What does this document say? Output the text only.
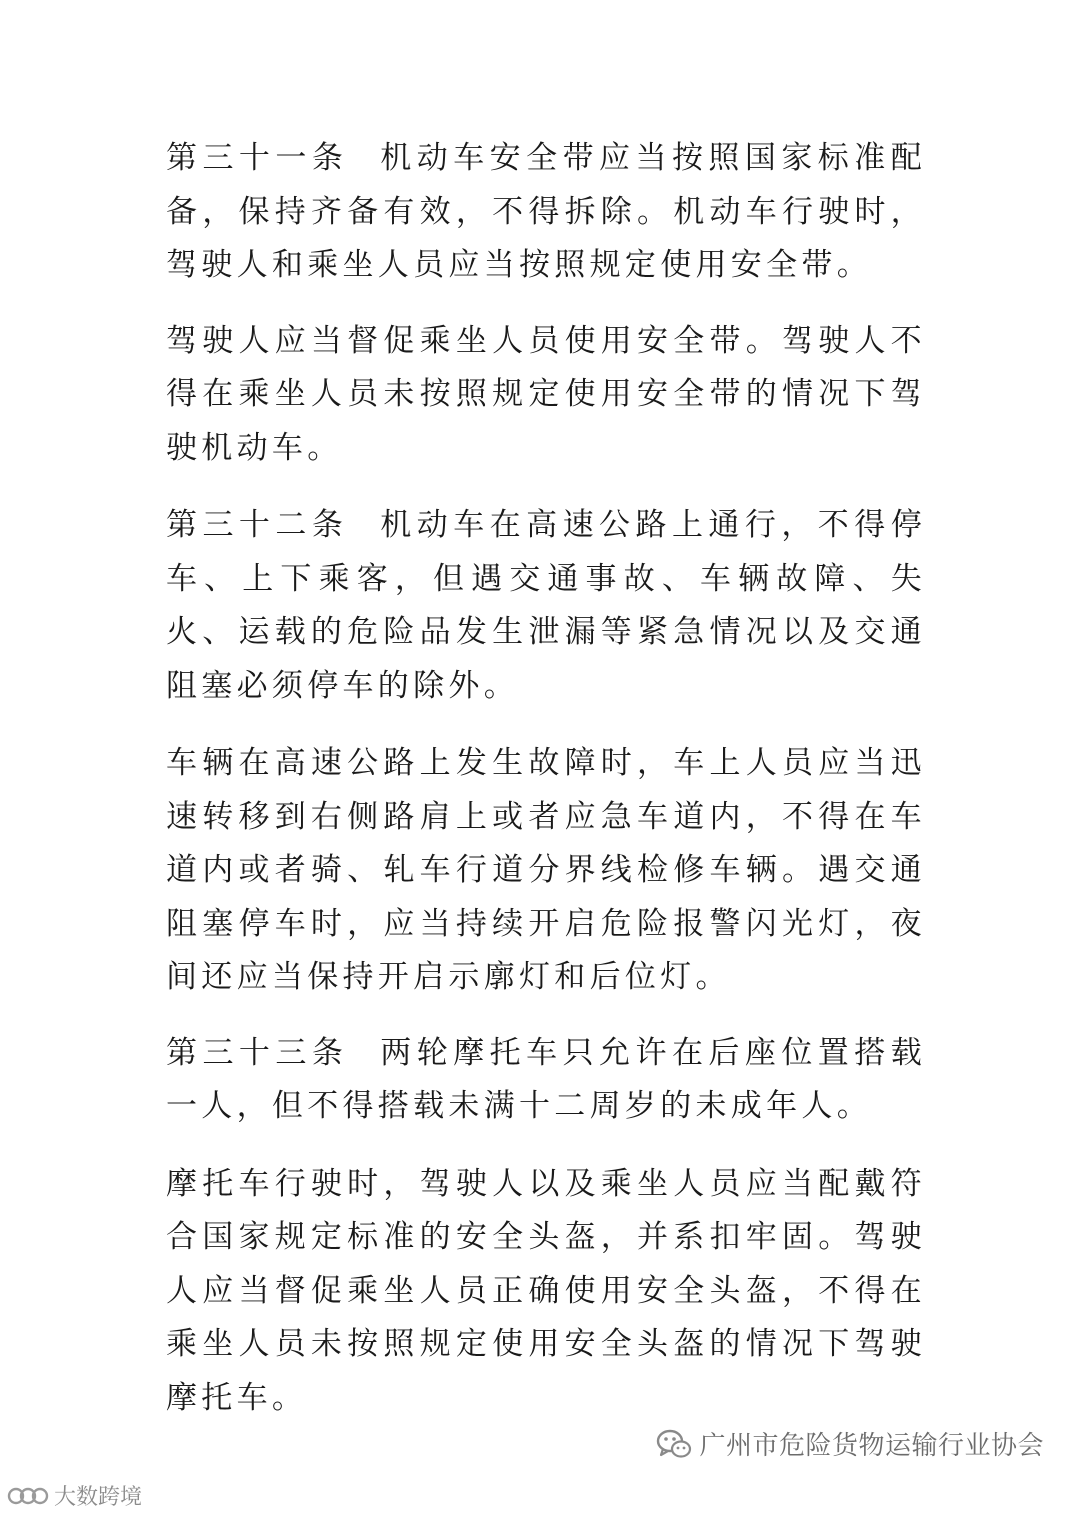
第三十一条 机动车安全带应当按照国家标准配备，保持齐备有效，不得拆除。机动车行驶时，驾驶人和乘坐人员应当按照规定使用安全带。

驾驶人应当督促乘坐人员使用安全带。驾驶人不得在乘坐人员未按照规定使用安全带的情况下驾驶机动车。

第三十二条 机动车在高速公路上通行，不得停车、上下乘客，但遇交通事故、车辆故障、失火、运载的危险品发生泄漏等紧急情况以及交通阻塞必须停车的除外。

车辆在高速公路上发生故障时，车上人员应当迅速转移到右侧路肩上或者应急车道内，不得在车道内或者骑、轧车行道分界线检修车辆。遇交通阻塞停车时，应当持续开启危险报警闪光灯，夜间还应当保持开启示廓灯和后位灯。

第三十三条 两轮摩托车只允许在后座位置搭载一人，但不得搭载未满十二周岁的未成年人。

摩托车行驶时，驾驶人以及乘坐人员应当配戴符合国家规定标准的安全头盔，并系扣牢固。驾驶人应当督促乘坐人员正确使用安全头盔，不得在乘坐人员未按照规定使用安全头盔的情况下驾驶摩托车。

广州市危险货物运输行业协会
大数跨境
